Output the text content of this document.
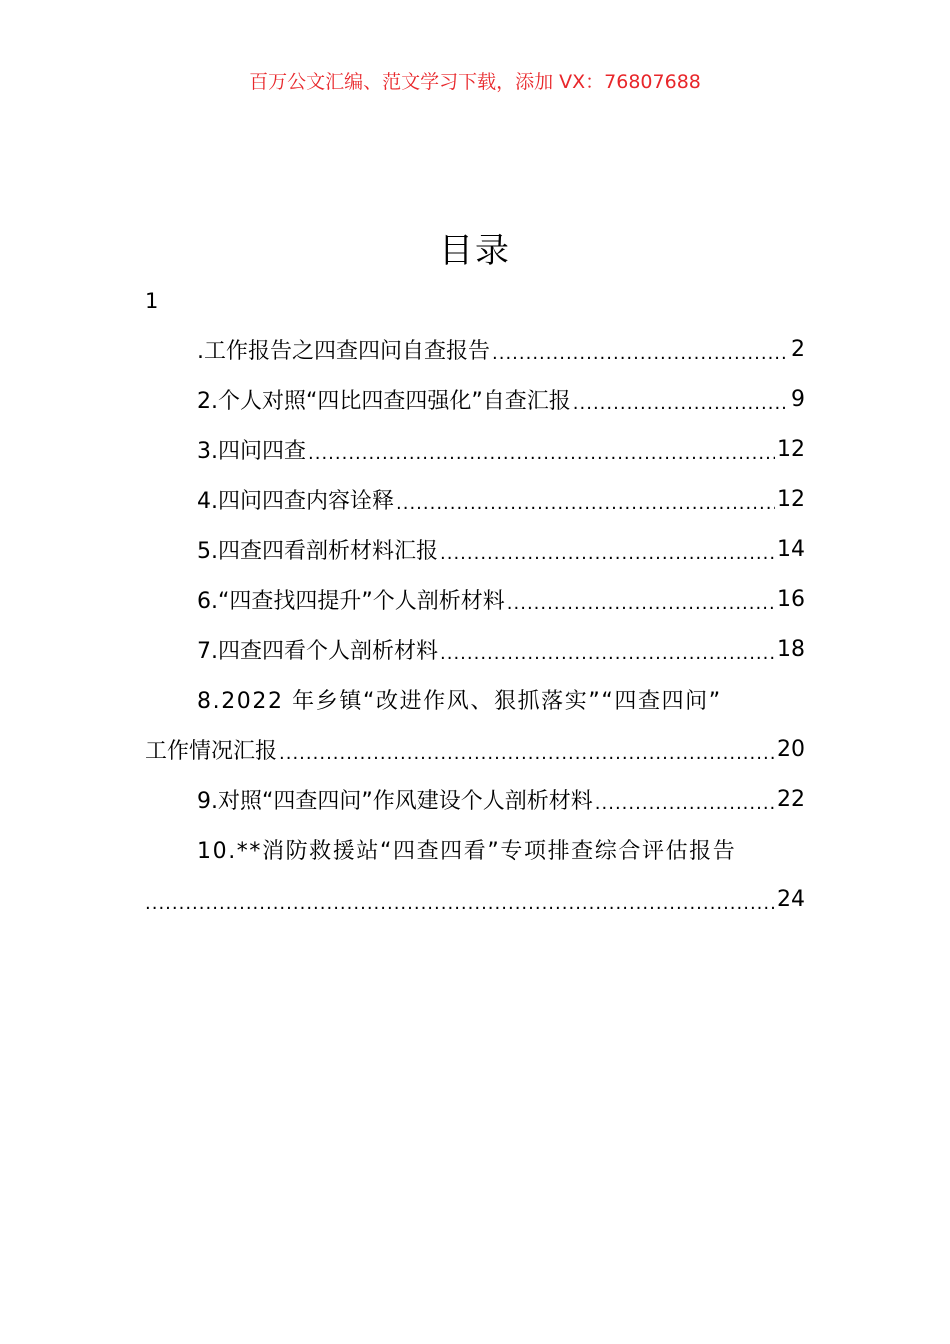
百万公文汇编、范文学习下载，添加 VX：76807688
目录
1
.工作报告之四查四问自查报告 .....	2
2.个人对照“四比四查四强化”自查汇报 .....	9
3.四问四查 .....	12
4.四问四查内容诠释 .....	12
5.四查四看剖析材料汇报 .....	14
6.“四查找四提升”个人剖析材料 .....	16
7.四查四看个人剖析材料 .....	18
8.2022 年乡镇“改进作风、狠抓落实”“四查四问”
工作情况汇报 .....	20
9.对照“四查四问”作风建设个人剖析材料 .....	22
10.**消防救援站“四查四看”专项排查综合评估报告
.....
24
